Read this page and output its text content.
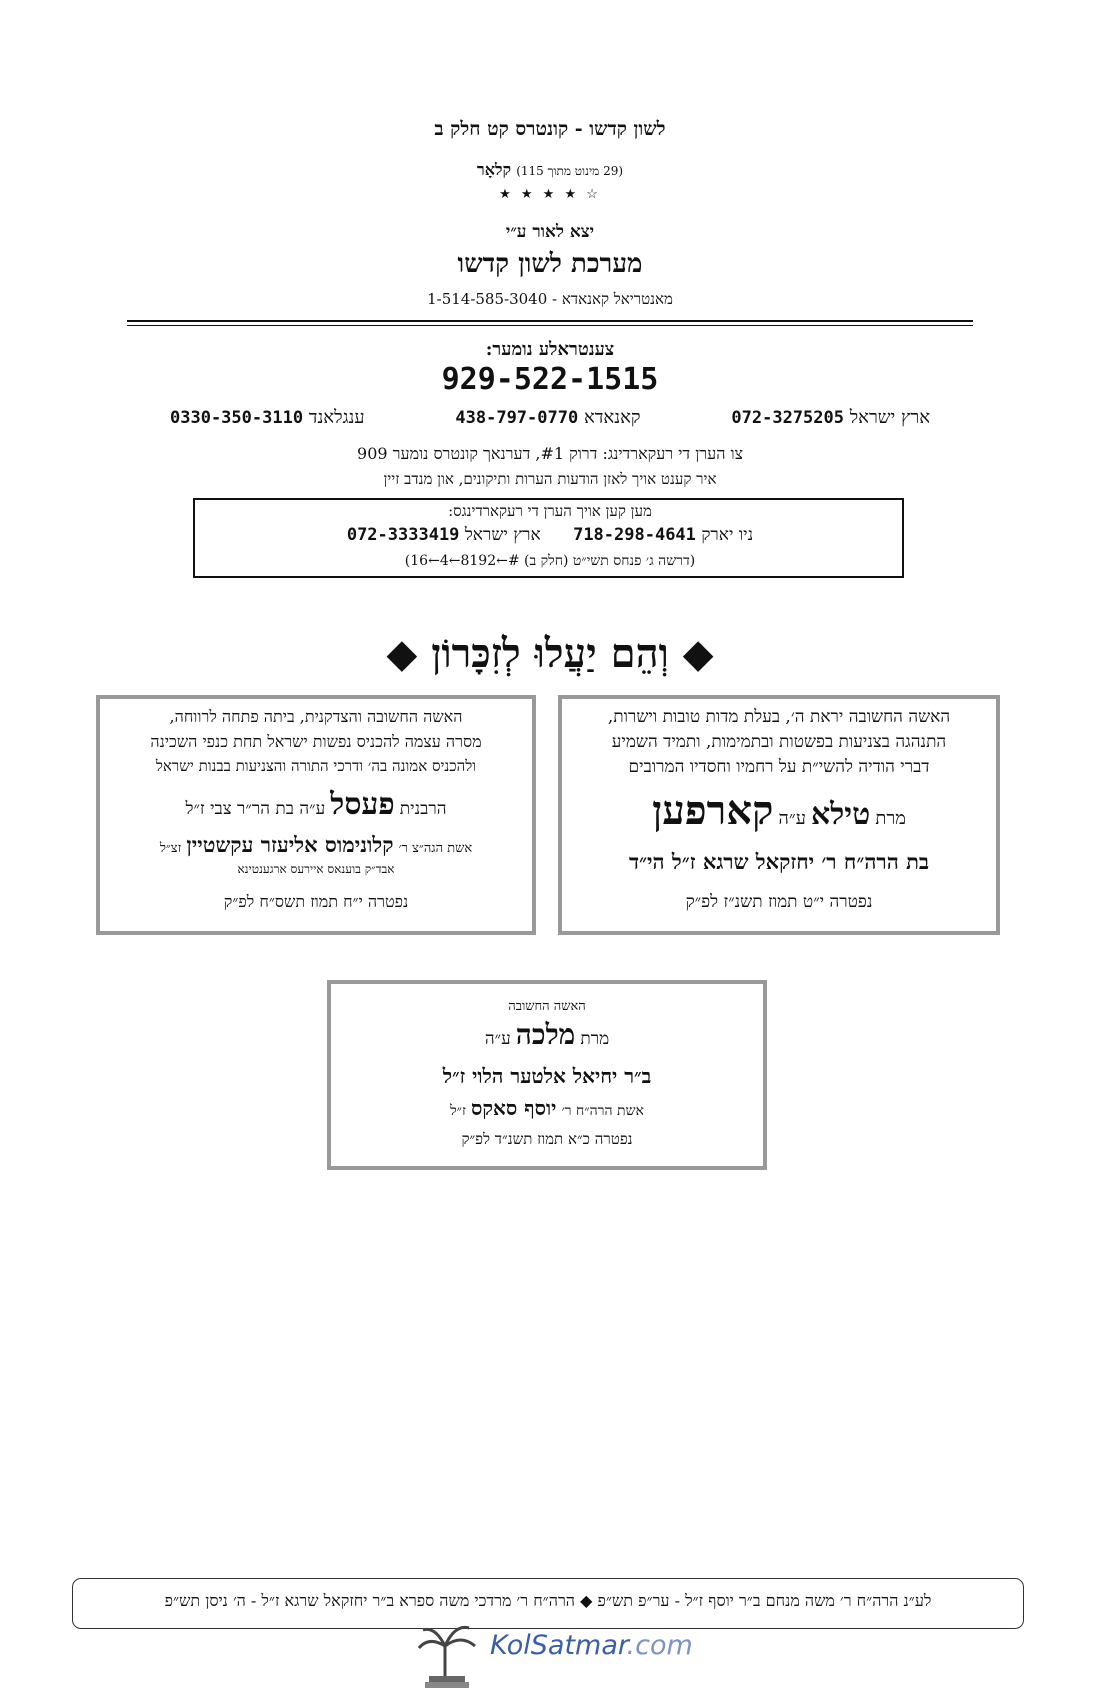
לשון קדשו - קונטרס קט חלק ב
קלאָר (29 מינוט מתוך 115)
★ ★ ★ ★ ☆
יצא לאור ע״י
מערכת לשון קדשו
מאנטריאל קאנאדא - 1-514-585-3040
צענטראלע נומער:
929-522-1515
ארץ ישראל 072-3275205
קאנאדא 438-797-0770
ענגלאנד 0330-350-3110
צו הערן די רעקארדינג: דרוק #1, דערנאך קונטרס נומער 909
איר קענט אויך לאזן הודעות הערות ותיקונים, און מנדב זיין
מען קען אויך הערן די רעקארדינגס:
ניו יארק 718-298-4641      ארץ ישראל 072-3333419
(דרשה ג׳ פנחס תשי״ט (חלק ב) #←8192←4←16)
◆ וְהֵם יַעֲלוּ לְזִכָּרוֹן ◆
האשה החשובה יראת ה׳, בעלת מדות טובות וישרות,
התנהגה בצניעות בפשטות ובתמימות, ותמיד השמיע
דברי הודיה להשי״ת על רחמיו וחסדיו המרובים
מרת טילא ע״ה קארפען
בת הרה״ח ר׳ יחזקאל שרגא ז״ל הי״ד
נפטרה י״ט תמוז תשנ״ז לפ״ק
האשה החשובה והצדקנית, ביתה פתחה לרווחה,
מסרה עצמה להכניס נפשות ישראל תחת כנפי השכינה
ולהכניס אמונה בה׳ ודרכי התורה והצניעות בבנות ישראל
הרבנית פעסל ע״ה בת הר״ר צבי ז״ל
אשת הגה״צ ר׳ קלונימוס אליעזר עקשטיין זצ״ל
אבד״ק בוענאס איירעס ארגענטינא
נפטרה י״ח תמוז תשס״ח לפ״ק
האשה החשובה
מרת מלכה ע״ה
ב״ר יחיאל אלטער הלוי ז״ל
אשת הרה״ח ר׳ יוסף סאקס ז״ל
נפטרה כ״א תמוז תשנ״ד לפ״ק
לע״נ הרה״ח ר׳ משה מנחם ב״ר יוסף ז״ל - ער״פ תש״פ ◆ הרה״ח ר׳ מרדכי משה ספרא ב״ר יחזקאל שרגא ז״ל - ה׳ ניסן תש״פ
KolSatmar.com
